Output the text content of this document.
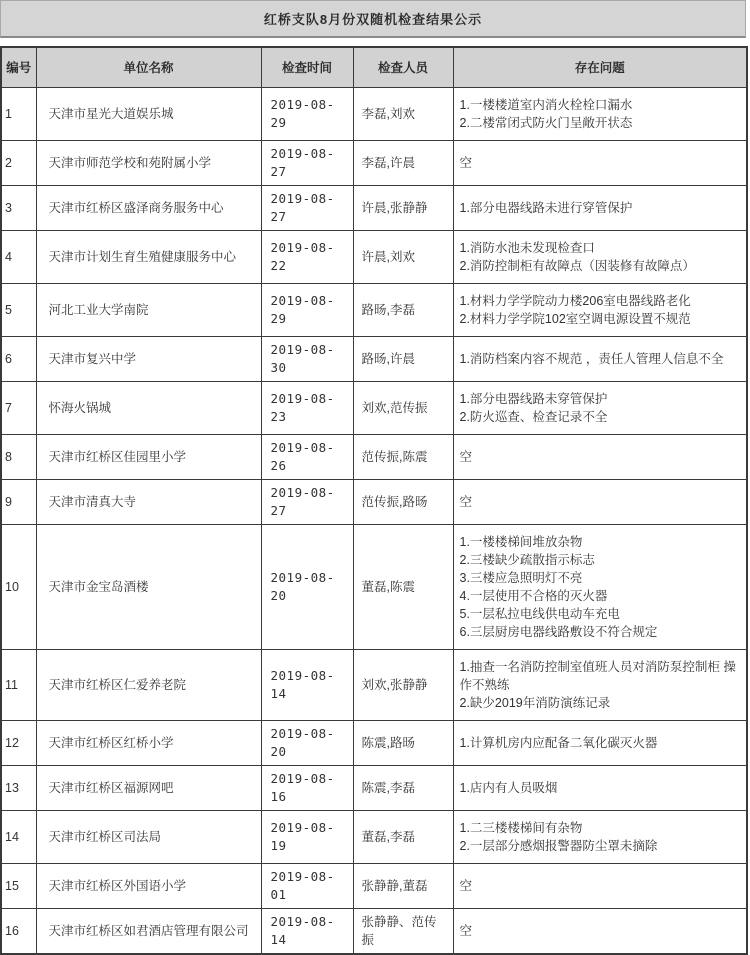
红桥支队8月份双随机检查结果公示
编号	单位名称	检查时间	检查人员	存在问题
1	天津市星光大道娱乐城	2019-08-29	李磊,刘欢	1.一楼楼道室内消火栓栓口漏水
2.二楼常闭式防火门呈敞开状态

2	天津市师范学校和苑附属小学	2019-08-27	李磊,许晨	空

3	天津市红桥区盛泽商务服务中心	2019-08-27	许晨,张静静	1.部分电器线路未进行穿管保护

4	天津市计划生育生殖健康服务中心	2019-08-22	许晨,刘欢	1.消防水池未发现检查口
2.消防控制柜有故障点（因装修有故障点）

5	河北工业大学南院	2019-08-29	路旸,李磊	1.材料力学学院动力楼206室电器线路老化
2.材料力学学院102室空调电源设置不规范

6	天津市复兴中学	2019-08-30	路旸,许晨	1.消防档案内容不规范 ，责任人管理人信息不全

7	怀海火锅城	2019-08-23	刘欢,范传振	1.部分电器线路未穿管保护
2.防火巡查、检查记录不全

8	天津市红桥区佳园里小学	2019-08-26	范传振,陈震	空

9	天津市清真大寺	2019-08-27	范传振,路旸	空

10	天津市金宝岛酒楼	2019-08-20	董磊,陈震	
1.一楼楼梯间堆放杂物
2.三楼缺少疏散指示标志
3.三楼应急照明灯不亮
4.一层使用不合格的灭火器
5.一层私拉电线供电动车充电
6.三层厨房电器线路敷设不符合规定

11	天津市红桥区仁爱养老院	2019-08-14	刘欢,张静静	1.抽查一名消防控制室值班人员对消防泵控制柜 操作不熟练
2.缺少2019年消防演练记录

12	天津市红桥区红桥小学	2019-08-20	陈震,路旸	1.计算机房内应配备二氧化碳灭火器

13	天津市红桥区福源网吧	2019-08-16	陈震,李磊	1.店内有人员吸烟

14	天津市红桥区司法局	2019-08-19	董磊,李磊	1.二三楼楼梯间有杂物
2.一层部分感烟报警器防尘罩未摘除

15	天津市红桥区外国语小学	2019-08-01	张静静,董磊	空

16	天津市红桥区如君酒店管理有限公司	2019-08-14	张静静、范传振	空
